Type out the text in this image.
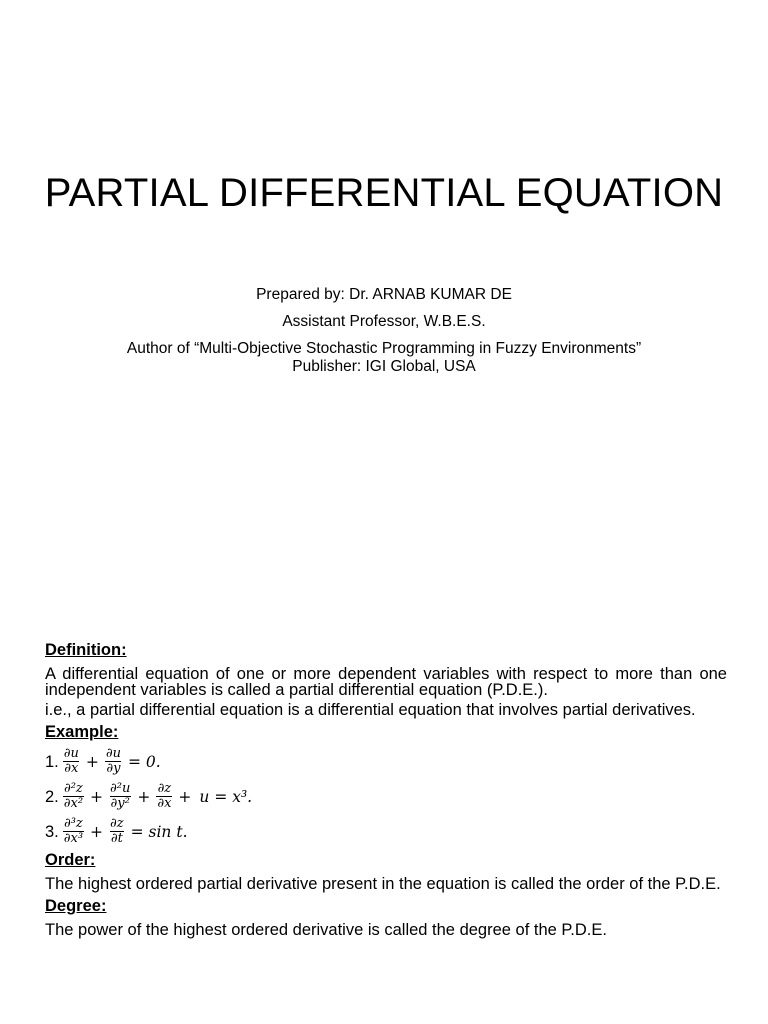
PARTIAL DIFFERENTIAL EQUATION
Prepared by: Dr. ARNAB KUMAR DE
Assistant Professor, W.B.E.S.
Author of “Multi-Objective Stochastic Programming in Fuzzy Environments”
Publisher: IGI Global, USA
Definition:
A differential equation of one or more dependent variables with respect to more than one independent variables is called a partial differential equation (P.D.E.).
i.e., a partial differential equation is a differential equation that involves partial derivatives.
Example:
1. $\frac{\partial u}{\partial x} + \frac{\partial u}{\partial y} = 0$.
2. $\frac{\text{∂²z}}{\text{∂x²}} + \frac{\text{∂²u}}{\text{∂y²}} + \frac{\partial z}{\partial x} + u = x^3$.
3. $\frac{\text{∂³z}}{\text{∂x³}} + \frac{\partial z}{\partial t} = \sin t$.
Order:
The highest ordered partial derivative present in the equation is called the order of the P.D.E.
Degree:
The power of the highest ordered derivative is called the degree of the P.D.E.
